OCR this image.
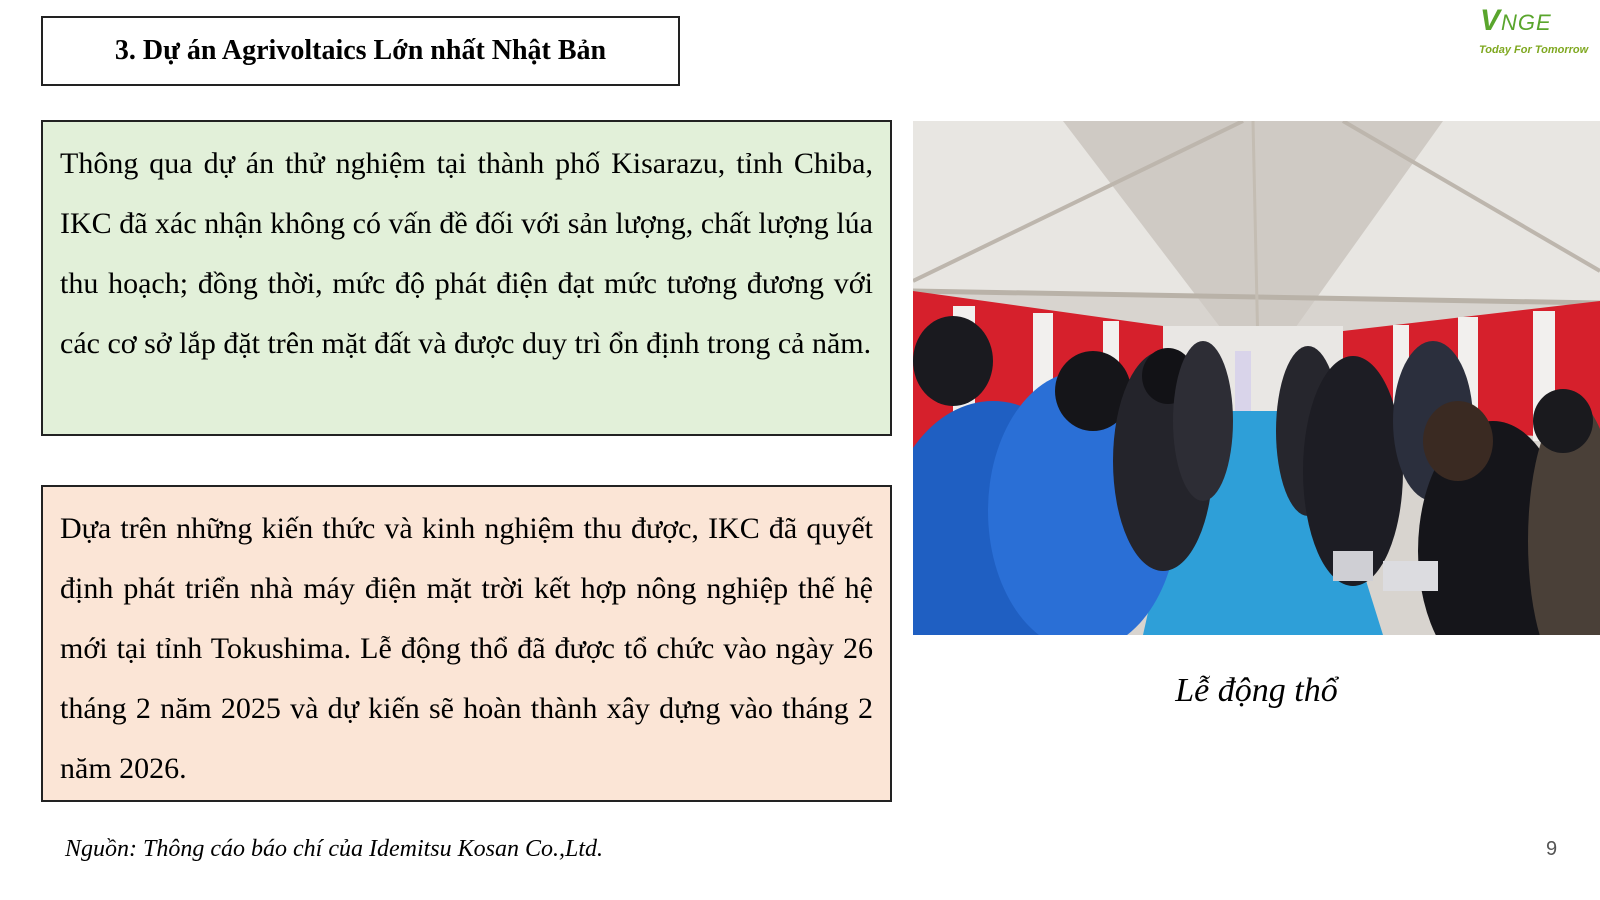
3. Dự án Agrivoltaics Lớn nhất Nhật Bản
VNGE
Today For Tomorrow
Thông qua dự án thử nghiệm tại thành phố Kisarazu, tỉnh Chiba, IKC đã xác nhận không có vấn đề đối với sản lượng, chất lượng lúa thu hoạch; đồng thời, mức độ phát điện đạt mức tương đương với các cơ sở lắp đặt trên mặt đất và được duy trì ổn định trong cả năm.
Dựa trên những kiến thức và kinh nghiệm thu được, IKC đã quyết định phát triển nhà máy điện mặt trời kết hợp nông nghiệp thế hệ mới tại tỉnh Tokushima. Lễ động thổ đã được tổ chức vào ngày 26 tháng 2 năm 2025 và dự kiến sẽ hoàn thành xây dựng vào tháng 2 năm 2026.
Lễ động thổ
Nguồn: Thông cáo báo chí của Idemitsu Kosan Co.,Ltd.	9
